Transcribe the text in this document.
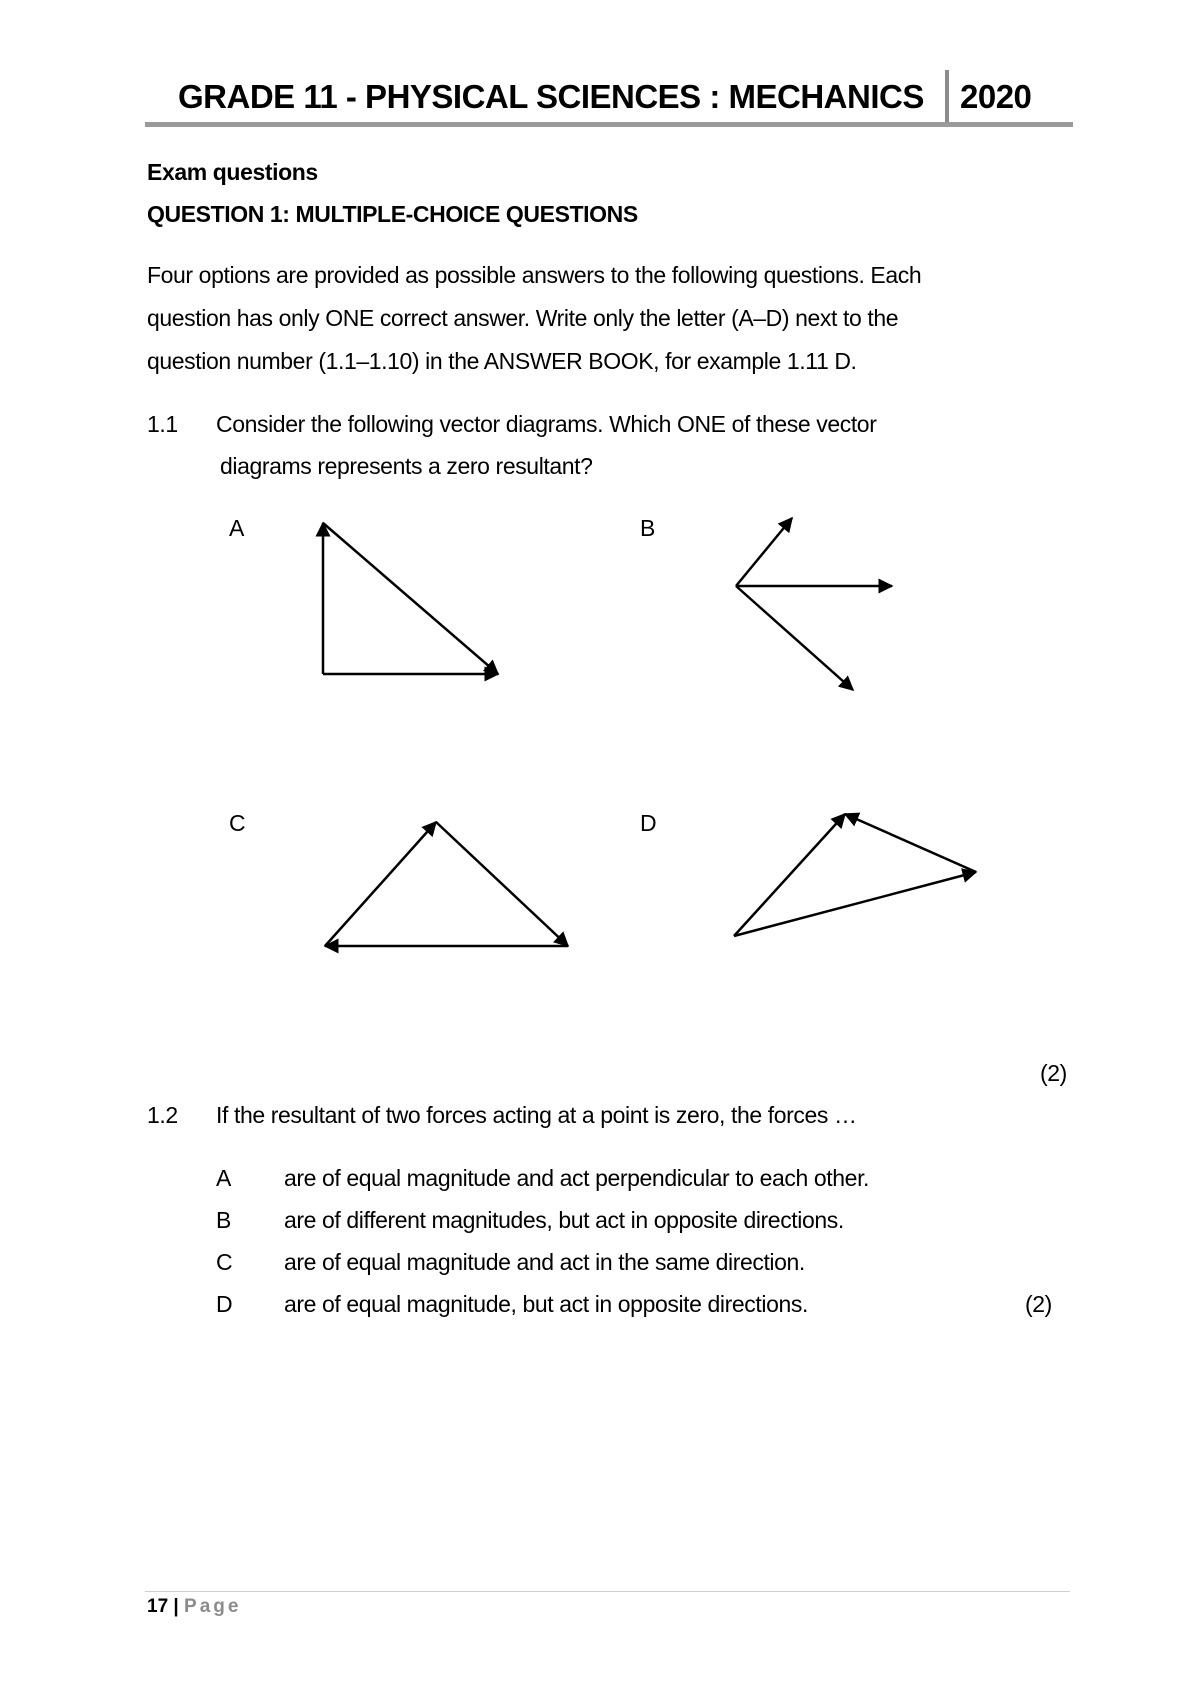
GRADE 11 - PHYSICAL SCIENCES : MECHANICS 2020
Exam questions
QUESTION 1: MULTIPLE-CHOICE QUESTIONS
Four options are provided as possible answers to the following questions. Each
question has only ONE correct answer. Write only the letter (A–D) next to the
question number (1.1–1.10) in the ANSWER BOOK, for example 1.11 D.
1.1 Consider the following vector diagrams. Which ONE of these vector
diagrams represents a zero resultant?
A	B
C	D
(2)
1.2 If the resultant of two forces acting at a point is zero, the forces …
A are of equal magnitude and act perpendicular to each other.
B are of different magnitudes, but act in opposite directions.
C are of equal magnitude and act in the same direction.
D are of equal magnitude, but act in opposite directions.	(2)
17 | Page
